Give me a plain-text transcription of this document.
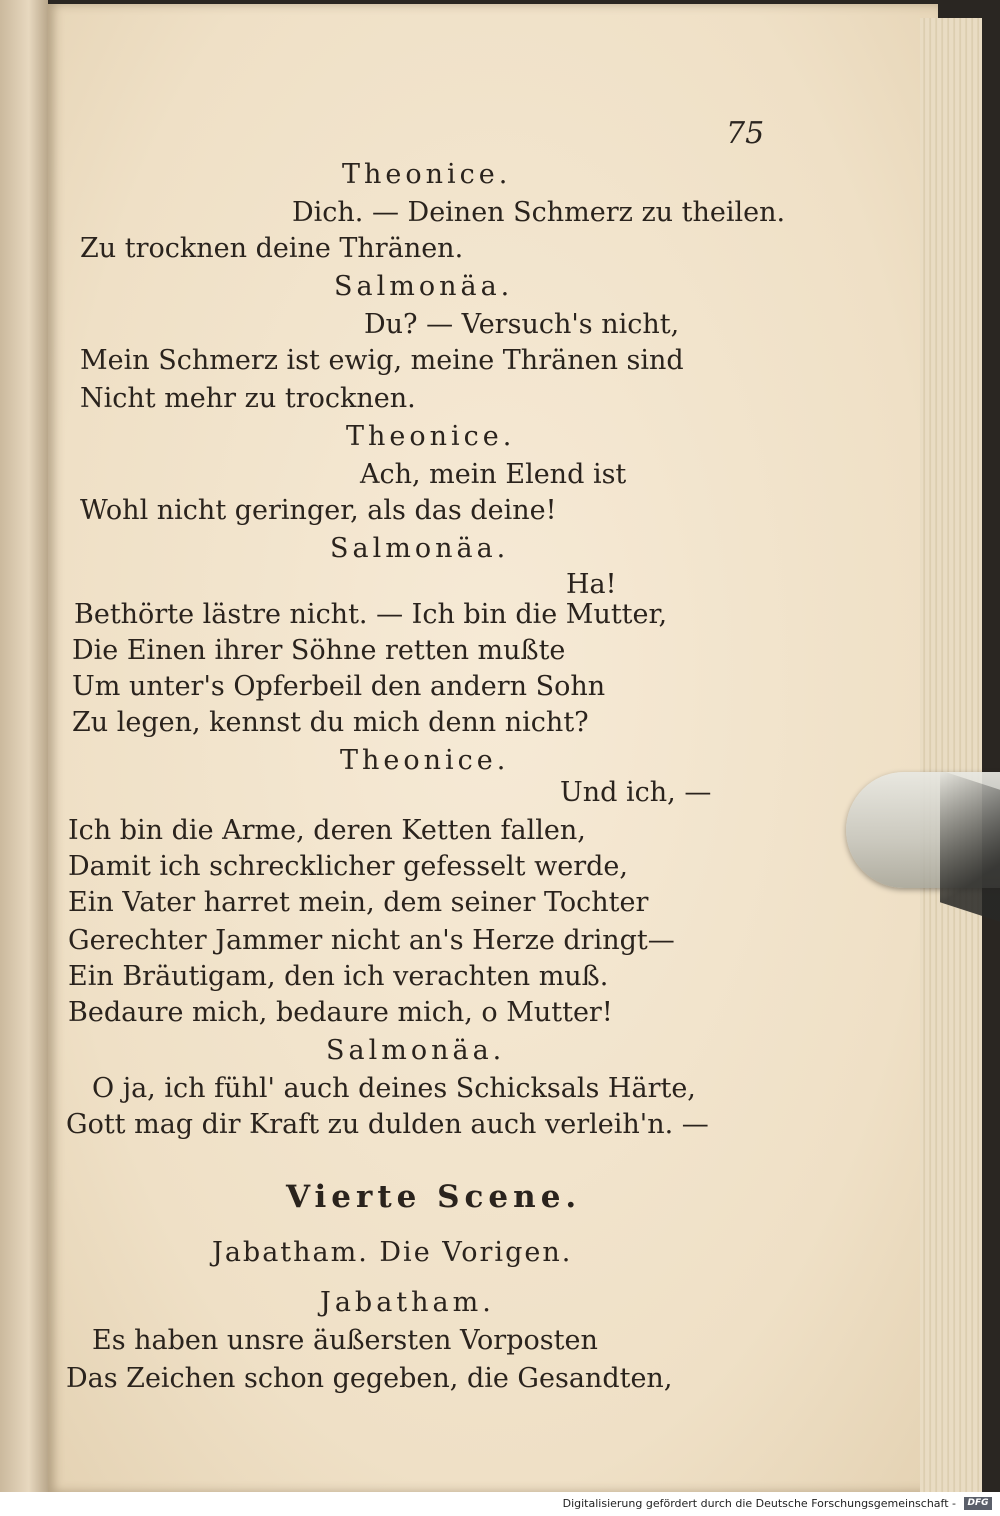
75

Theonice.

Dich. — Deinen Schmerz zu theilen.

Zu trocknen deine Thränen.

Salmonäa.

Du? — Versuch's nicht,

Mein Schmerz ist ewig, meine Thränen sind

Nicht mehr zu trocknen.

Theonice.

Ach, mein Elend ist

Wohl nicht geringer, als das deine!

Salmonäa.

Ha!

Bethörte lästre nicht. — Ich bin die Mutter,

Die Einen ihrer Söhne retten mußte

Um unter's Opferbeil den andern Sohn

Zu legen, kennst du mich denn nicht?

Theonice.

Und ich, —

Ich bin die Arme, deren Ketten fallen,

Damit ich schrecklicher gefesselt werde,

Ein Vater harret mein, dem seiner Tochter

Gerechter Jammer nicht an's Herze dringt—

Ein Bräutigam, den ich verachten muß.

Bedaure mich, bedaure mich, o Mutter!

Salmonäa.

O ja, ich fühl' auch deines Schicksals Härte,

Gott mag dir Kraft zu dulden auch verleih'n. —

Vierte Scene.

Jabatham. Die Vorigen.

Jabatham.

Es haben unsre äußersten Vorposten

Das Zeichen schon gegeben, die Gesandten,

Digitalisierung gefördert durch die Deutsche Forschungsgemeinschaft -	DFG
